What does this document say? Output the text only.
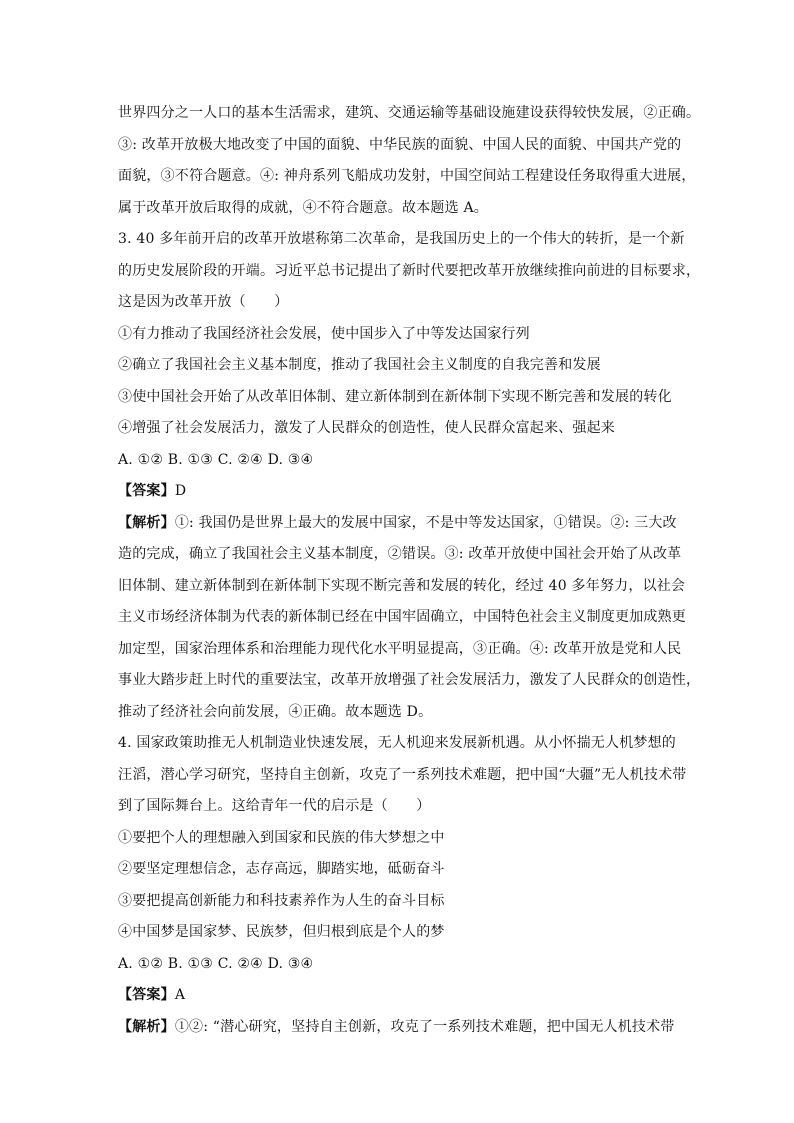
世界四分之一人口的基本生活需求，建筑、交通运输等基础设施建设获得较快发展，②正确。
③: 改革开放极大地改变了中国的面貌、中华民族的面貌、中国人民的面貌、中国共产党的
面貌，③不符合题意。④: 神舟系列飞船成功发射，中国空间站工程建设任务取得重大进展，
属于改革开放后取得的成就，④不符合题意。故本题选 A。
3. 40 多年前开启的改革开放堪称第二次革命，是我国历史上的一个伟大的转折，是一个新
的历史发展阶段的开端。习近平总书记提出了新时代要把改革开放继续推向前进的目标要求，
这是因为改革开放（　　）
①有力推动了我国经济社会发展，使中国步入了中等发达国家行列
②确立了我国社会主义基本制度，推动了我国社会主义制度的自我完善和发展
③使中国社会开始了从改革旧体制、建立新体制到在新体制下实现不断完善和发展的转化
④增强了社会发展活力，激发了人民群众的创造性，使人民群众富起来、强起来
A. ①② B. ①③ C. ②④ D. ③④
【答案】D
【解析】①: 我国仍是世界上最大的发展中国家，不是中等发达国家，①错误。②: 三大改
造的完成，确立了我国社会主义基本制度，②错误。③: 改革开放使中国社会开始了从改革
旧体制、建立新体制到在新体制下实现不断完善和发展的转化，经过 40 多年努力，以社会
主义市场经济体制为代表的新体制已经在中国牢固确立，中国特色社会主义制度更加成熟更
加定型，国家治理体系和治理能力现代化水平明显提高，③正确。④: 改革开放是党和人民
事业大踏步赶上时代的重要法宝，改革开放增强了社会发展活力，激发了人民群众的创造性，
推动了经济社会向前发展，④正确。故本题选 D。
4. 国家政策助推无人机制造业快速发展，无人机迎来发展新机遇。从小怀揣无人机梦想的
汪滔，潜心学习研究，坚持自主创新，攻克了一系列技术难题，把中国“大疆”无人机技术带
到了国际舞台上。这给青年一代的启示是（　　）
①要把个人的理想融入到国家和民族的伟大梦想之中
②要坚定理想信念，志存高远，脚踏实地，砥砺奋斗
③要把提高创新能力和科技素养作为人生的奋斗目标
④中国梦是国家梦、民族梦，但归根到底是个人的梦
A. ①② B. ①③ C. ②④ D. ③④
【答案】A
【解析】①②: “潜心研究，坚持自主创新，攻克了一系列技术难题，把中国无人机技术带
